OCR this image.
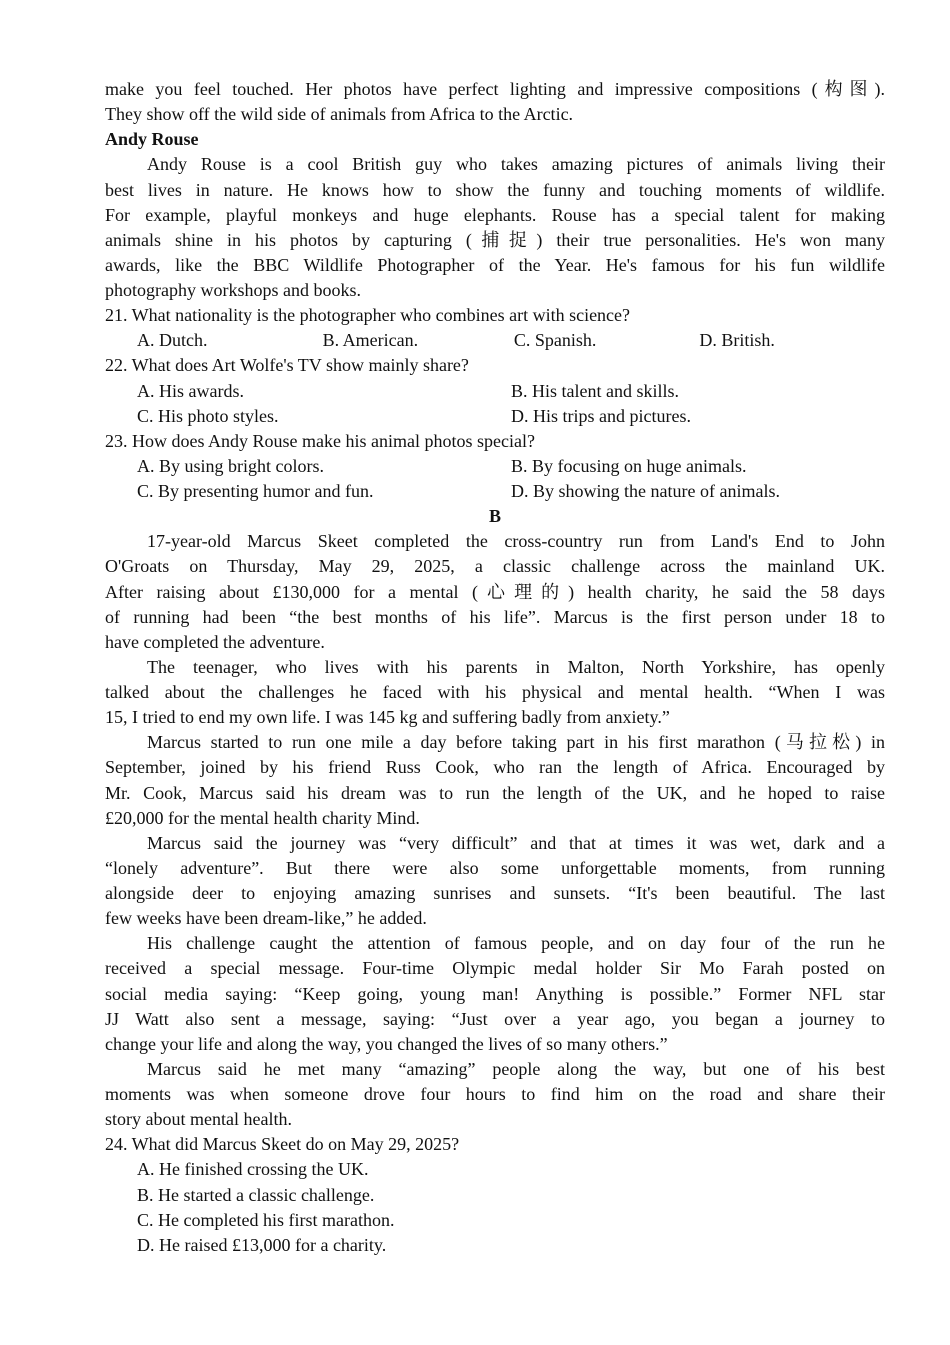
make you feel touched. Her photos have perfect lighting and impressive compositions (构图).
They show off the wild side of animals from Africa to the Arctic.
Andy Rouse
Andy Rouse is a cool British guy who takes amazing pictures of animals living their
best lives in nature. He knows how to show the funny and touching moments of wildlife.
For example, playful monkeys and huge elephants. Rouse has a special talent for making
animals shine in his photos by capturing (捕捉) their true personalities. He's won many
awards, like the BBC Wildlife Photographer of the Year. He's famous for his fun wildlife
photography workshops and books.
21. What nationality is the photographer who combines art with science?
A. Dutch.	B. American.	C. Spanish.	D. British.
22. What does Art Wolfe's TV show mainly share?
A. His awards.	B. His talent and skills.
C. His photo styles.	D. His trips and pictures.
23. How does Andy Rouse make his animal photos special?
A. By using bright colors.	B. By focusing on huge animals.
C. By presenting humor and fun.	D. By showing the nature of animals.
B
17-year-old Marcus Skeet completed the cross-country run from Land's End to John
O'Groats on Thursday, May 29, 2025, a classic challenge across the mainland UK.
After raising about £130,000 for a mental (心理的) health charity, he said the 58 days
of running had been “the best months of his life”. Marcus is the first person under 18 to
have completed the adventure.
The teenager, who lives with his parents in Malton, North Yorkshire, has openly
talked about the challenges he faced with his physical and mental health. “When I was
15, I tried to end my own life. I was 145 kg and suffering badly from anxiety.”
Marcus started to run one mile a day before taking part in his first marathon (马拉松) in
September, joined by his friend Russ Cook, who ran the length of Africa. Encouraged by
Mr. Cook, Marcus said his dream was to run the length of the UK, and he hoped to raise
£20,000 for the mental health charity Mind.
Marcus said the journey was “very difficult” and that at times it was wet, dark and a
“lonely adventure”. But there were also some unforgettable moments, from running
alongside deer to enjoying amazing sunrises and sunsets. “It's been beautiful. The last
few weeks have been dream-like,” he added.
His challenge caught the attention of famous people, and on day four of the run he
received a special message. Four-time Olympic medal holder Sir Mo Farah posted on
social media saying: “Keep going, young man! Anything is possible.” Former NFL star
JJ Watt also sent a message, saying: “Just over a year ago, you began a journey to
change your life and along the way, you changed the lives of so many others.”
Marcus said he met many “amazing” people along the way, but one of his best
moments was when someone drove four hours to find him on the road and share their
story about mental health.
24. What did Marcus Skeet do on May 29, 2025?
A. He finished crossing the UK.
B. He started a classic challenge.
C. He completed his first marathon.
D. He raised £13,000 for a charity.
